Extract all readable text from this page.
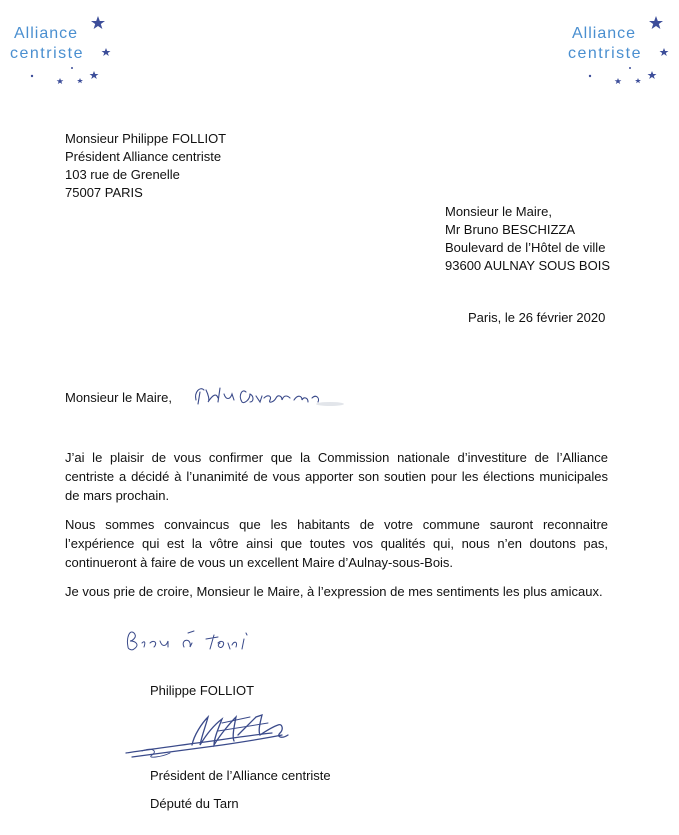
Alliance
centriste
Alliance
centriste
Monsieur Philippe FOLLIOT
Président Alliance centriste
103 rue de Grenelle
75007 PARIS
Monsieur le Maire,
Mr Bruno BESCHIZZA
Boulevard de l’Hôtel de ville
93600 AULNAY SOUS BOIS
Paris, le 26 février 2020
Monsieur le Maire,

J’ai le plaisir de vous confirmer que la Commission nationale d’investiture de l’Alliance centriste a décidé à l’unanimité de vous apporter son soutien pour les élections municipales de mars prochain.

Nous sommes convaincus que les habitants de votre commune sauront reconnaitre l’expérience qui est la vôtre ainsi que toutes vos qualités qui, nous n’en doutons pas, continueront à faire de vous un excellent Maire d’Aulnay-sous-Bois.

Je vous prie de croire, Monsieur le Maire, à l’expression de mes sentiments les plus amicaux.

Philippe FOLLIOT
Président de l’Alliance centriste
Député du Tarn
